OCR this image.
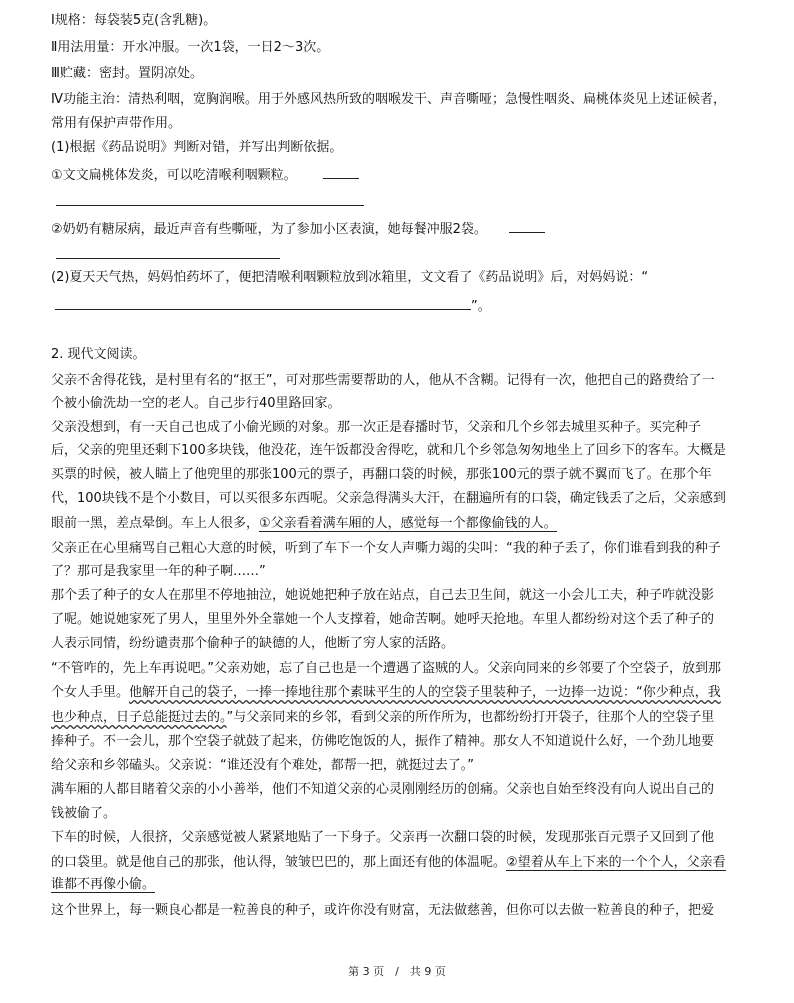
Ⅰ规格：每袋装5克(含乳糖)。
Ⅱ用法用量：开水冲服。一次1袋，一日2～3次。
Ⅲ贮藏：密封。置阴凉处。
Ⅳ功能主治：清热利咽，宽胸润喉。用于外感风热所致的咽喉发干、声音嘶哑；急慢性咽炎、扁桃体炎见上述证候者，
常用有保护声带作用。
(1)根据《药品说明》判断对错，并写出判断依据。
①文文扁桃体发炎，可以吃清喉利咽颗粒。
②奶奶有糖尿病，最近声音有些嘶哑，为了参加小区表演，她每餐冲服2袋。
(2)夏天天气热，妈妈怕药坏了，便把清喉利咽颗粒放到冰箱里，文文看了《药品说明》后，对妈妈说：“
”。
2. 现代文阅读。
父亲不舍得花钱，是村里有名的“抠王”，可对那些需要帮助的人，他从不含糊。记得有一次，他把自己的路费给了一
个被小偷洗劫一空的老人。自己步行40里路回家。
父亲没想到，有一天自己也成了小偷光顾的对象。那一次正是春播时节，父亲和几个乡邻去城里买种子。买完种子
后，父亲的兜里还剩下100多块钱，他没花，连午饭都没舍得吃，就和几个乡邻急匆匆地坐上了回乡下的客车。大概是
买票的时候，被人瞄上了他兜里的那张100元的票子，再翻口袋的时候，那张100元的票子就不翼而飞了。在那个年
代，100块钱不是个小数目，可以买很多东西呢。父亲急得满头大汗，在翻遍所有的口袋，确定钱丢了之后，父亲感到
眼前一黑，差点晕倒。车上人很多，①父亲看着满车厢的人，感觉每一个都像偷钱的人。
父亲正在心里痛骂自己粗心大意的时候，听到了车下一个女人声嘶力竭的尖叫：“我的种子丢了，你们谁看到我的种子
了？那可是我家里一年的种子啊……”
那个丢了种子的女人在那里不停地抽泣，她说她把种子放在站点，自己去卫生间，就这一小会儿工夫，种子咋就没影
了呢。她说她家死了男人，里里外外全靠她一个人支撑着，她命苦啊。她呼天抢地。车里人都纷纷对这个丢了种子的
人表示同情，纷纷谴责那个偷种子的缺德的人，他断了穷人家的活路。
“不管咋的，先上车再说吧。”父亲劝她，忘了自己也是一个遭遇了盗贼的人。父亲向同来的乡邻要了个空袋子，放到那
个女人手里。他解开自己的袋子，一捧一捧地往那个素昧平生的人的空袋子里装种子，一边捧一边说：“你少种点，我
也少种点，日子总能挺过去的。”与父亲同来的乡邻，看到父亲的所作所为，也都纷纷打开袋子，往那个人的空袋子里
捧种子。不一会儿，那个空袋子就鼓了起来，仿佛吃饱饭的人，振作了精神。那女人不知道说什么好，一个劲儿地要
给父亲和乡邻磕头。父亲说：“谁还没有个难处，都帮一把，就挺过去了。”
满车厢的人都目睹着父亲的小小善举，他们不知道父亲的心灵刚刚经历的创痛。父亲也自始至终没有向人说出自己的
钱被偷了。
下车的时候，人很挤，父亲感觉被人紧紧地贴了一下身子。父亲再一次翻口袋的时候，发现那张百元票子又回到了他
的口袋里。就是他自己的那张，他认得，皱皱巴巴的，那上面还有他的体温呢。②望着从车上下来的一个个人，父亲看
谁都不再像小偷。
这个世界上，每一颗良心都是一粒善良的种子，或许你没有财富，无法做慈善，但你可以去做一粒善良的种子，把爱
第 3 页　/　共 9 页
